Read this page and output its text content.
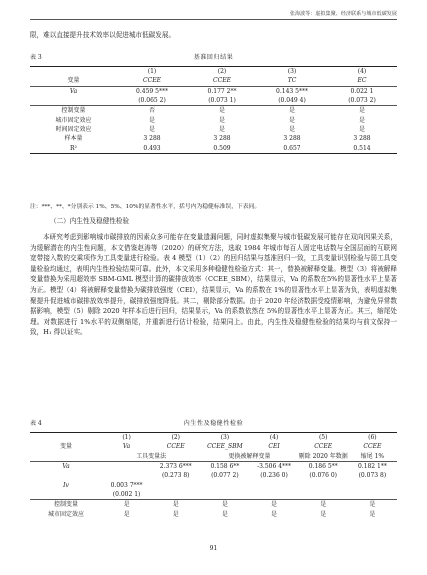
张海波等：虚拟集聚、经济联系与城市低碳发展

限，难以直接提升技术效率以促进城市低碳发展。

表 3	基准回归结果
	(1)	(2)	(3)	(4)
变量	CCEE	CCEE	TC	EC
Va	0.459 5***	0.177 2**	0.143 5***	0.022 1
	(0.065 2)	(0.073 1)	(0.049 4)	(0.073 2)
控制变量	否	是	是	是
城市固定效应	是	是	是	是
时间固定效应	是	是	是	是
样本量	3 288	3 288	3 288	3 288
R²	0.493	0.509	0.657	0.514
注：***、**、*分别表示 1%、5%、10%的显著性水平，括号内为稳健标准误，下表同。
（二）内生性及稳健性检验

本研究考虑到影响城市碳排放的因素众多可能存在变量遗漏问题，同时虚拟集聚与城市低碳发展可能存在双向因果关系，为缓解潜在的内生性问题，本文借鉴赵涛等（2020）的研究方法，选取 1984 年城市每百人固定电话数与全国层面的互联网宽带接入数的交乘项作为工具变量进行检验。表 4 模型（1）（2）的回归结果与基准回归一致，工具变量识别检验与弱工具变量检验均通过，表明内生性检验结果可靠。此外，本文采用多种稳健性检验方式：其一，替换被解释变量。模型（3）将被解释变量替换为采用超效率 SBM-GML 模型计算的碳排放效率（CCEE_SBM），结果显示，Va 的系数在5%的显著性水平上显著为正。模型（4）将被解释变量替换为碳排放强度（CEI），结果显示，Va 的系数在 1%的显著性水平上显著为负，表明虚拟集聚提升促进城市碳排放效率提升，碳排放强度降低。其二，剔除部分数据。由于 2020 年经济数据受疫情影响，为避免异常数据影响，模型（5）剔除 2020 年样本后进行回归，结果显示，Va 的系数依然在 5%的显著性水平上显著为正。其三，缩尾处理。对数据进行 1%水平的双侧缩尾，并重新进行估计检验，结果同上。由此，内生性及稳健性检验的结果均与前文保持一致，H₁ 得以证实。

表 4	内生性及稳健性检验
	(1)	(2)	(3)	(4)	(5)	(6)
变量	Va	CCEE	CCEE_SBM	CEI	CCEE	CCEE
	工具变量法		更换被解释变量		剔除 2020 年数据	缩尾 1%
Va		2.373 6***	0.158 6**	-3.506 4***	0.186 5**	0.182 1**
		(0.273 8)	(0.077 2)	(0.236 0)	(0.076 0)	(0.073 8)
Iv	0.003 7***					
	(0.002 1)					
控制变量	是	是	是	是	是	是
城市固定效应	是	是	是	是	是	是
91
